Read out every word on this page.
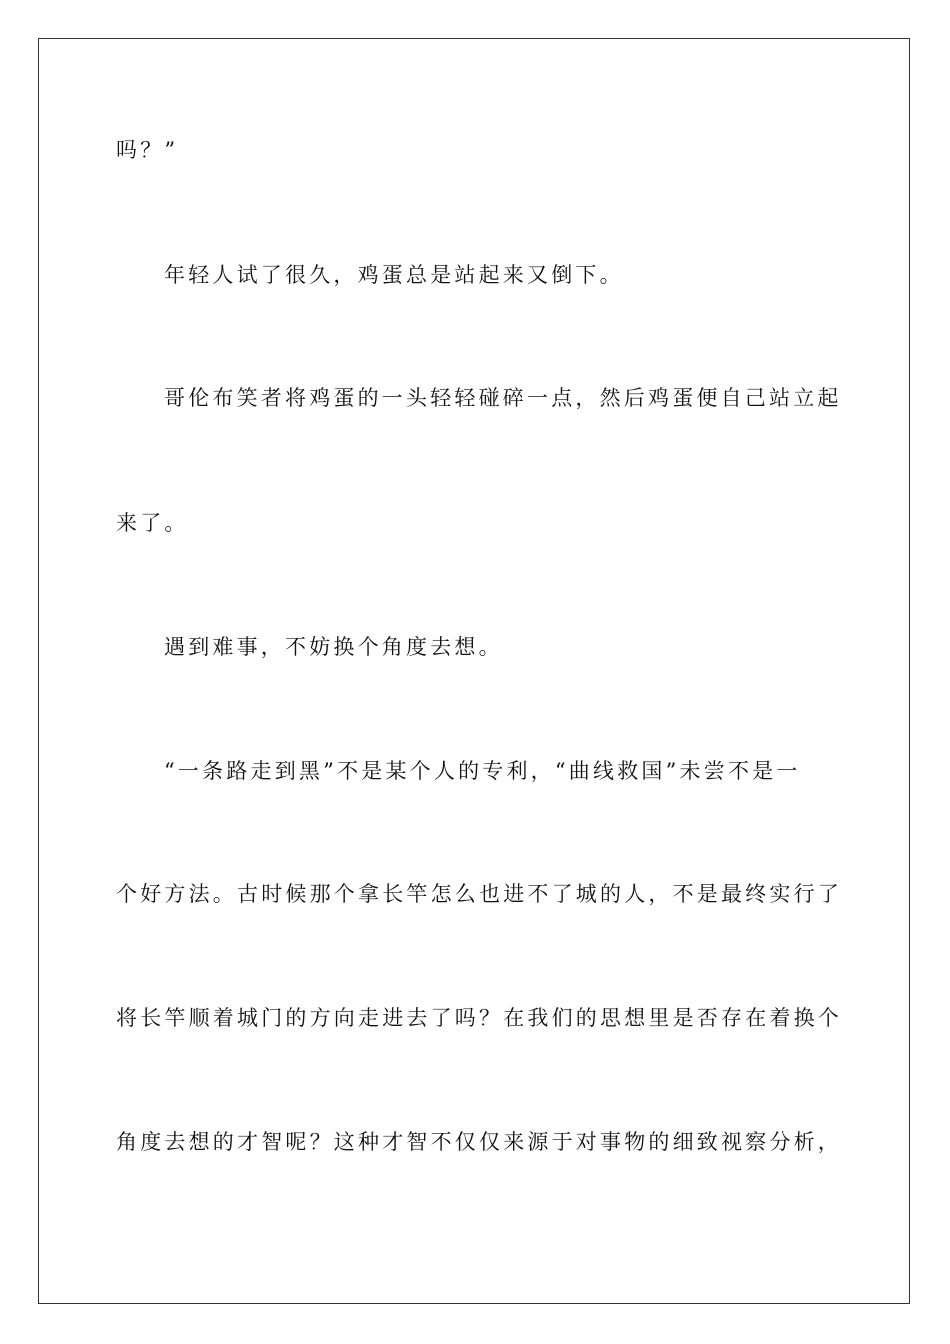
吗？”
年轻人试了很久，鸡蛋总是站起来又倒下。
哥伦布笑者将鸡蛋的一头轻轻碰碎一点，然后鸡蛋便自己站立起
来了。
遇到难事，不妨换个角度去想。
“一条路走到黑”不是某个人的专利，“曲线救国”未尝不是一
个好方法。古时候那个拿长竿怎么也进不了城的人，不是最终实行了
将长竿顺着城门的方向走进去了吗？在我们的思想里是否存在着换个
角度去想的才智呢？这种才智不仅仅来源于对事物的细致视察分析，
